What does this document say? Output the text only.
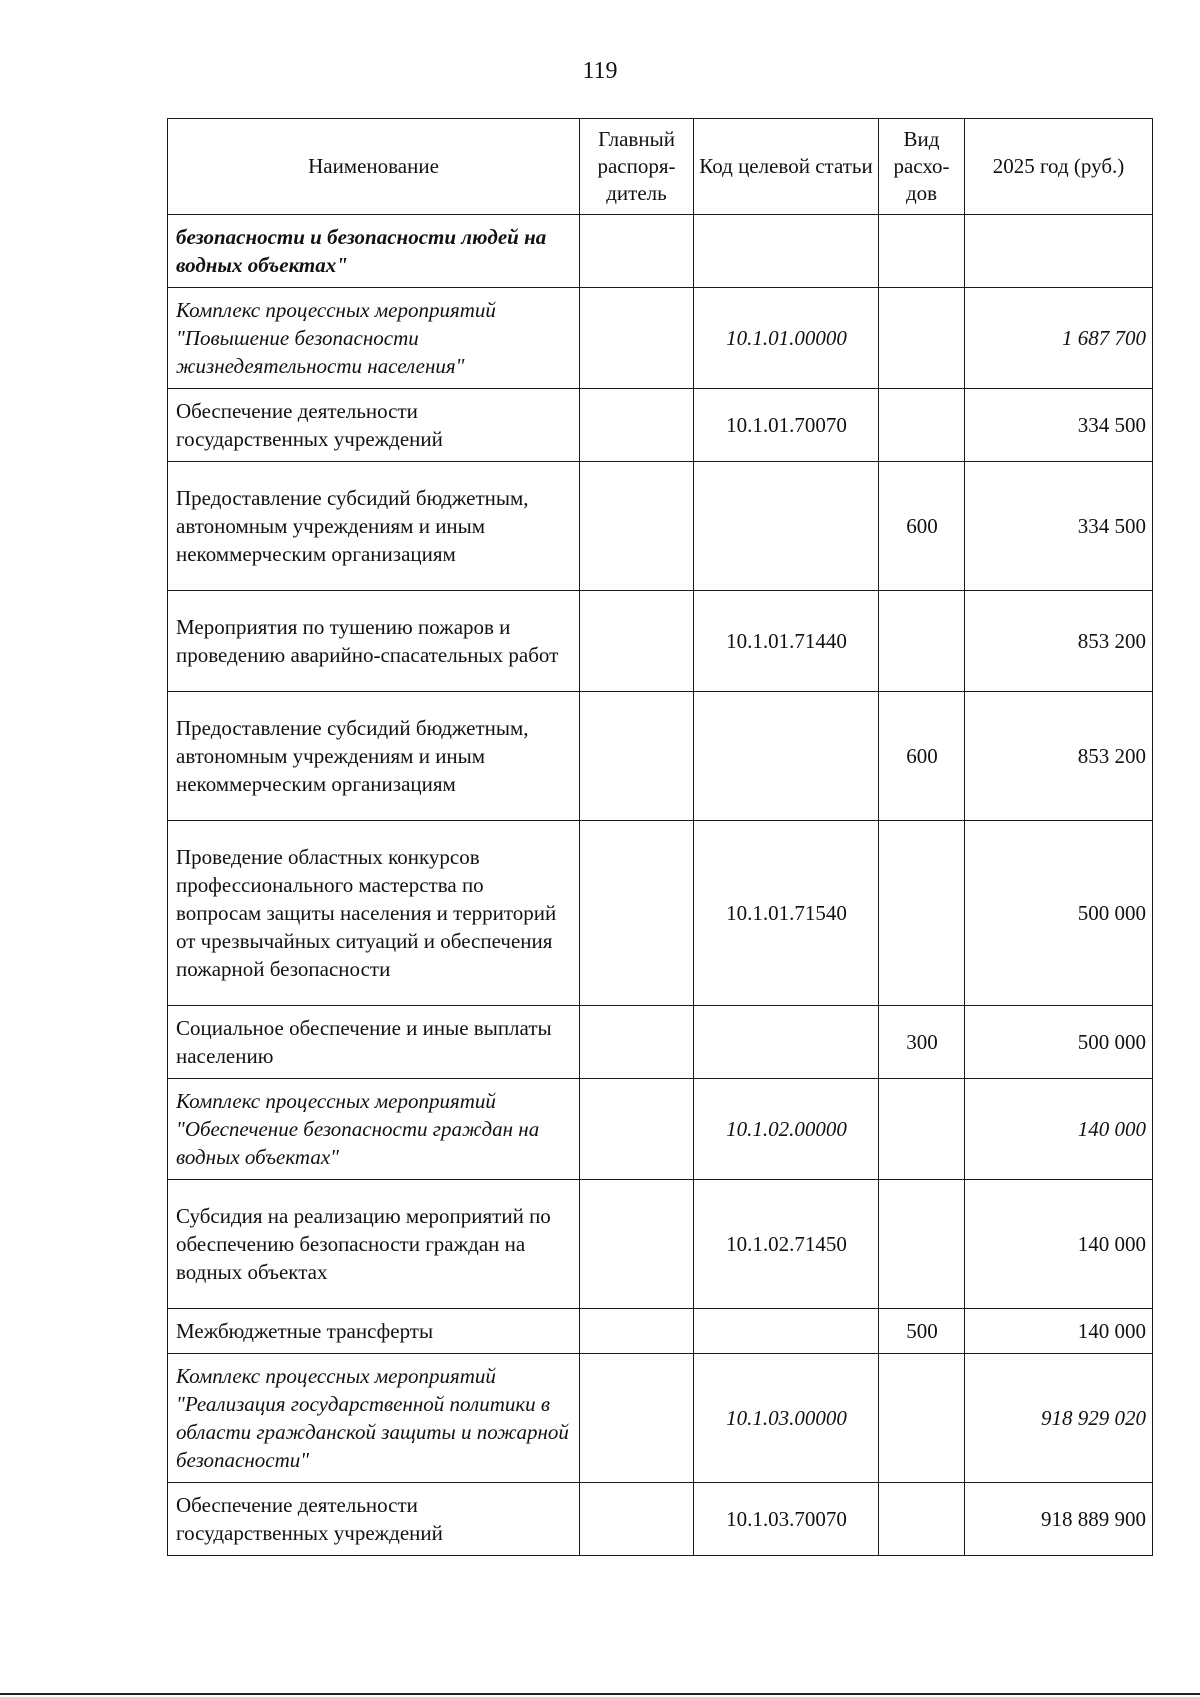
119
Наименование	Главный распоря-дитель	Код целевой статьи	Вид расхо-дов	2025 год (руб.)
безопасности и безопасности людей на водных объектах"				
Комплекс процессных мероприятий "Повышение безопасности жизнедеятельности населения"		10.1.01.00000		1 687 700
Обеспечение деятельности государственных учреждений		10.1.01.70070		334 500
Предоставление субсидий бюджетным, автономным учреждениям и иным некоммерческим организациям			600	334 500
Мероприятия по тушению пожаров и проведению аварийно-спасательных работ		10.1.01.71440		853 200
Предоставление субсидий бюджетным, автономным учреждениям и иным некоммерческим организациям			600	853 200
Проведение областных конкурсов профессионального мастерства по вопросам защиты населения и территорий от чрезвычайных ситуаций и обеспечения пожарной безопасности		10.1.01.71540		500 000
Социальное обеспечение и иные выплаты населению			300	500 000
Комплекс процессных мероприятий "Обеспечение безопасности граждан на водных объектах"		10.1.02.00000		140 000
Субсидия на реализацию мероприятий по обеспечению безопасности граждан на водных объектах		10.1.02.71450		140 000
Межбюджетные трансферты			500	140 000
Комплекс процессных мероприятий "Реализация государственной политики в области гражданской защиты и пожарной безопасности"		10.1.03.00000		918 929 020
Обеспечение деятельности государственных учреждений		10.1.03.70070		918 889 900
